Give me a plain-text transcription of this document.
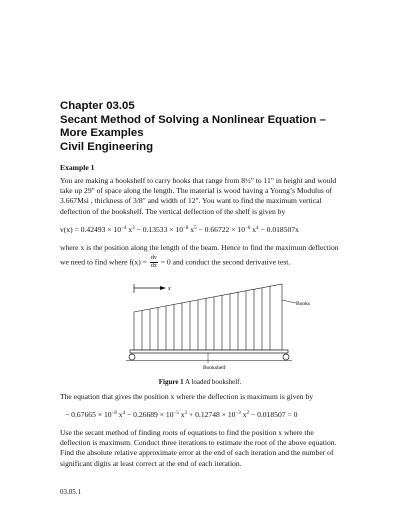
Chapter 03.05
Secant Method of Solving a Nonlinear Equation –
More Examples
Civil Engineering
Example 1
You are making a bookshelf to carry books that range from 8½" to 11" in height and would
take up 29" of space along the length. The material is wood having a Young’s Modulus of
3.667Msi , thickness of 3/8" and width of 12". You want to find the maximum vertical
deflection of the bookshelf. The vertical deflection of the shelf is given by
$v(x) = 0.42493 \times 10^{-4}$ $x^3 - 0.13533 \times 10^{-8}$ $x^5 - 0.66722 \times 10^{-6}$ $x^4 - 0.018507x$
where x is the position along the length of the beam. Hence to find the maximum deflection
we need to find where $f(x) = \frac{dv}{dx} = 0$ and conduct the second derivative test.
x
Books
Bookshelf
Figure 1 A loaded bookshelf.
The equation that gives the position x where the deflection is maximum is given by
− $0.67665 \times 10^{-8}$ $x^4 - 0.26689 \times 10^{-5}$ $x^3 + 0.12748 \times 10^{-3}$ $x^2 - 0.018507 = 0$
Use the secant method of finding roots of equations to find the position x where the
deflection is maximum. Conduct three iterations to estimate the root of the above equation.
Find the absolute relative approximate error at the end of each iteration and the number of
significant digits at least correct at the end of each iteration.
03.05.1
